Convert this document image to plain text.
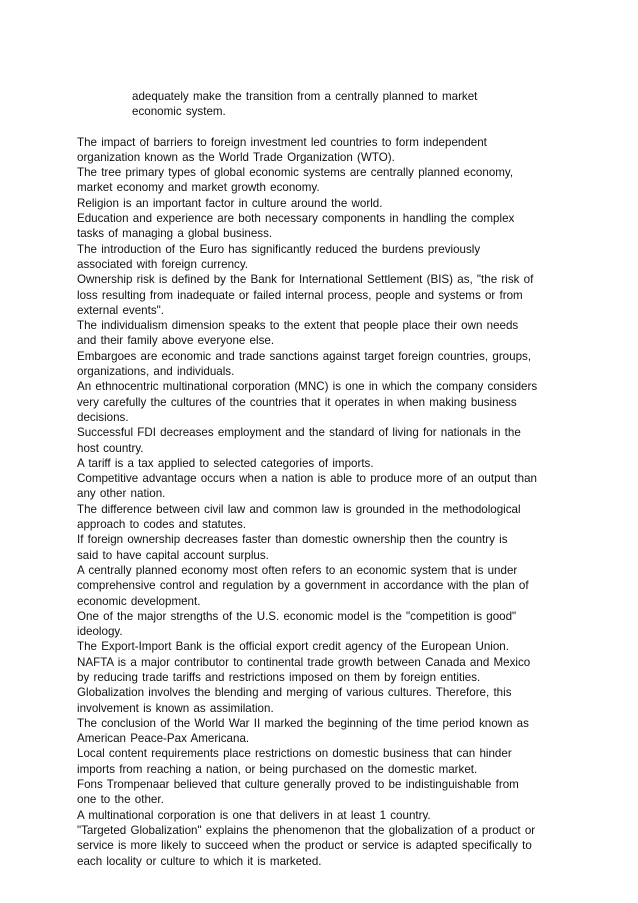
adequately make the transition from a centrally planned to market
economic system.
The impact of barriers to foreign investment led countries to form independent
organization known as the World Trade Organization (WTO).
The tree primary types of global economic systems are centrally planned economy,
market economy and market growth economy.
Religion is an important factor in culture around the world.
Education and experience are both necessary components in handling the complex
tasks of managing a global business.
The introduction of the Euro has significantly reduced the burdens previously
associated with foreign currency.
Ownership risk is defined by the Bank for International Settlement (BIS) as, "the risk of
loss resulting from inadequate or failed internal process, people and systems or from
external events".
The individualism dimension speaks to the extent that people place their own needs
and their family above everyone else.
Embargoes are economic and trade sanctions against target foreign countries, groups,
organizations, and individuals.
An ethnocentric multinational corporation (MNC) is one in which the company considers
very carefully the cultures of the countries that it operates in when making business
decisions.
Successful FDI decreases employment and the standard of living for nationals in the
host country.
A tariff is a tax applied to selected categories of imports.
Competitive advantage occurs when a nation is able to produce more of an output than
any other nation.
The difference between civil law and common law is grounded in the methodological
approach to codes and statutes.
If foreign ownership decreases faster than domestic ownership then the country is
said to have capital account surplus.
A centrally planned economy most often refers to an economic system that is under
comprehensive control and regulation by a government in accordance with the plan of
economic development.
One of the major strengths of the U.S. economic model is the "competition is good"
ideology.
The Export-Import Bank is the official export credit agency of the European Union.
NAFTA is a major contributor to continental trade growth between Canada and Mexico
by reducing trade tariffs and restrictions imposed on them by foreign entities.
Globalization involves the blending and merging of various cultures. Therefore, this
involvement is known as assimilation.
The conclusion of the World War II marked the beginning of the time period known as
American Peace-Pax Americana.
Local content requirements place restrictions on domestic business that can hinder
imports from reaching a nation, or being purchased on the domestic market.
Fons Trompenaar believed that culture generally proved to be indistinguishable from
one to the other.
A multinational corporation is one that delivers in at least 1 country.
"Targeted Globalization" explains the phenomenon that the globalization of a product or
service is more likely to succeed when the product or service is adapted specifically to
each locality or culture to which it is marketed.
